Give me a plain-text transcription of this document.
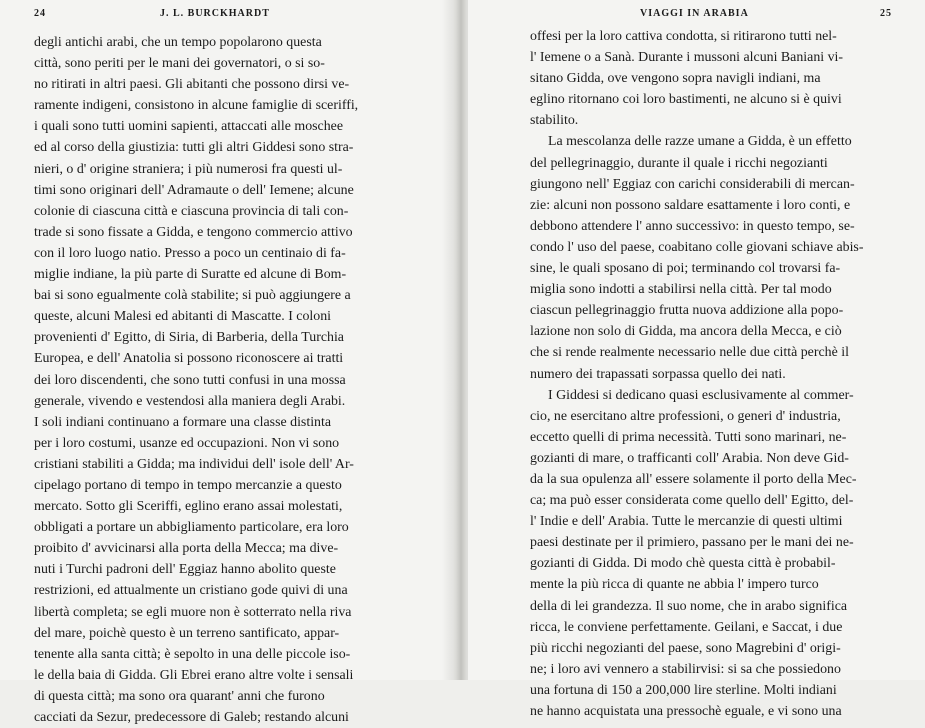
24	J. L. BURCKHARDT
degli antichi arabi, che un tempo popolarono questa
città, sono periti per le mani dei governatori, o si so-
no ritirati in altri paesi. Gli abitanti che possono dirsi ve-
ramente indigeni, consistono in alcune famiglie di sceriffi,
i quali sono tutti uomini sapienti, attaccati alle moschee
ed al corso della giustizia: tutti gli altri Giddesi sono stra-
nieri, o d' origine straniera; i più numerosi fra questi ul-
timi sono originari dell' Adramaute o dell' Iemene; alcune
colonie di ciascuna città e ciascuna provincia di tali con-
trade si sono fissate a Gidda, e tengono commercio attivo
con il loro luogo natio. Presso a poco un centinaio di fa-
miglie indiane, la più parte di Suratte ed alcune di Bom-
bai si sono egualmente colà stabilite; si può aggiungere a
queste, alcuni Malesi ed abitanti di Mascatte. I coloni
provenienti d' Egitto, di Siria, di Barberia, della Turchia
Europea, e dell' Anatolia si possono riconoscere ai tratti
dei loro discendenti, che sono tutti confusi in una mossa
generale, vivendo e vestendosi alla maniera degli Arabi.
I soli indiani continuano a formare una classe distinta
per i loro costumi, usanze ed occupazioni. Non vi sono
cristiani stabiliti a Gidda; ma individui dell' isole dell' Ar-
cipelago portano di tempo in tempo mercanzie a questo
mercato. Sotto gli Sceriffi, eglino erano assai molestati,
obbligati a portare un abbigliamento particolare, era loro
proibito d' avvicinarsi alla porta della Mecca; ma dive-
nuti i Turchi padroni dell' Eggiaz hanno abolito queste
restrizioni, ed attualmente un cristiano gode quivi di una
libertà completa; se egli muore non è sotterrato nella riva
del mare, poichè questo è un terreno santificato, appar-
tenente alla santa città; è sepolto in una delle piccole iso-
le della baia di Gidda. Gli Ebrei erano altre volte i sensali
di questa città; ma sono ora quarant' anni che furono
cacciati da Sezur, predecessore di Galeb; restando alcuni
VIAGGI IN ARABIA	25
offesi per la loro cattiva condotta, si ritirarono tutti nel-
l' Iemene o a Sanà. Durante i mussoni alcuni Baniani vi-
sitano Gidda, ove vengono sopra navigli indiani, ma
eglino ritornano coi loro bastimenti, ne alcuno si è quivi
stabilito.
La mescolanza delle razze umane a Gidda, è un effetto
del pellegrinaggio, durante il quale i ricchi negozianti
giungono nell' Eggiaz con carichi considerabili di mercan-
zie: alcuni non possono saldare esattamente i loro conti, e
debbono attendere l' anno successivo: in questo tempo, se-
condo l' uso del paese, coabitano colle giovani schiave abis-
sine, le quali sposano di poi; terminando col trovarsi fa-
miglia sono indotti a stabilirsi nella città. Per tal modo
ciascun pellegrinaggio frutta nuova addizione alla popo-
lazione non solo di Gidda, ma ancora della Mecca, e ciò
che si rende realmente necessario nelle due città perchè il
numero dei trapassati sorpassa quello dei nati.
I Giddesi si dedicano quasi esclusivamente al commer-
cio, ne esercitano altre professioni, o generi d' industria,
eccetto quelli di prima necessità. Tutti sono marinari, ne-
gozianti di mare, o trafficanti coll' Arabia. Non deve Gid-
da la sua opulenza all' essere solamente il porto della Mec-
ca; ma può esser considerata come quello dell' Egitto, del-
l' Indie e dell' Arabia. Tutte le mercanzie di questi ultimi
paesi destinate per il primiero, passano per le mani dei ne-
gozianti di Gidda. Di modo chè questa città è probabil-
mente la più ricca di quante ne abbia l' impero turco
della di lei grandezza. Il suo nome, che in arabo significa
ricca, le conviene perfettamente. Geilani, e Saccat, i due
più ricchi negozianti del paese, sono Magrebini d' origi-
ne; i loro avi vennero a stabilirvisi: si sa che possiedono
una fortuna di 150 a 200,000 lire sterline. Molti indiani
ne hanno acquistata una pressochè eguale, e vi sono una
